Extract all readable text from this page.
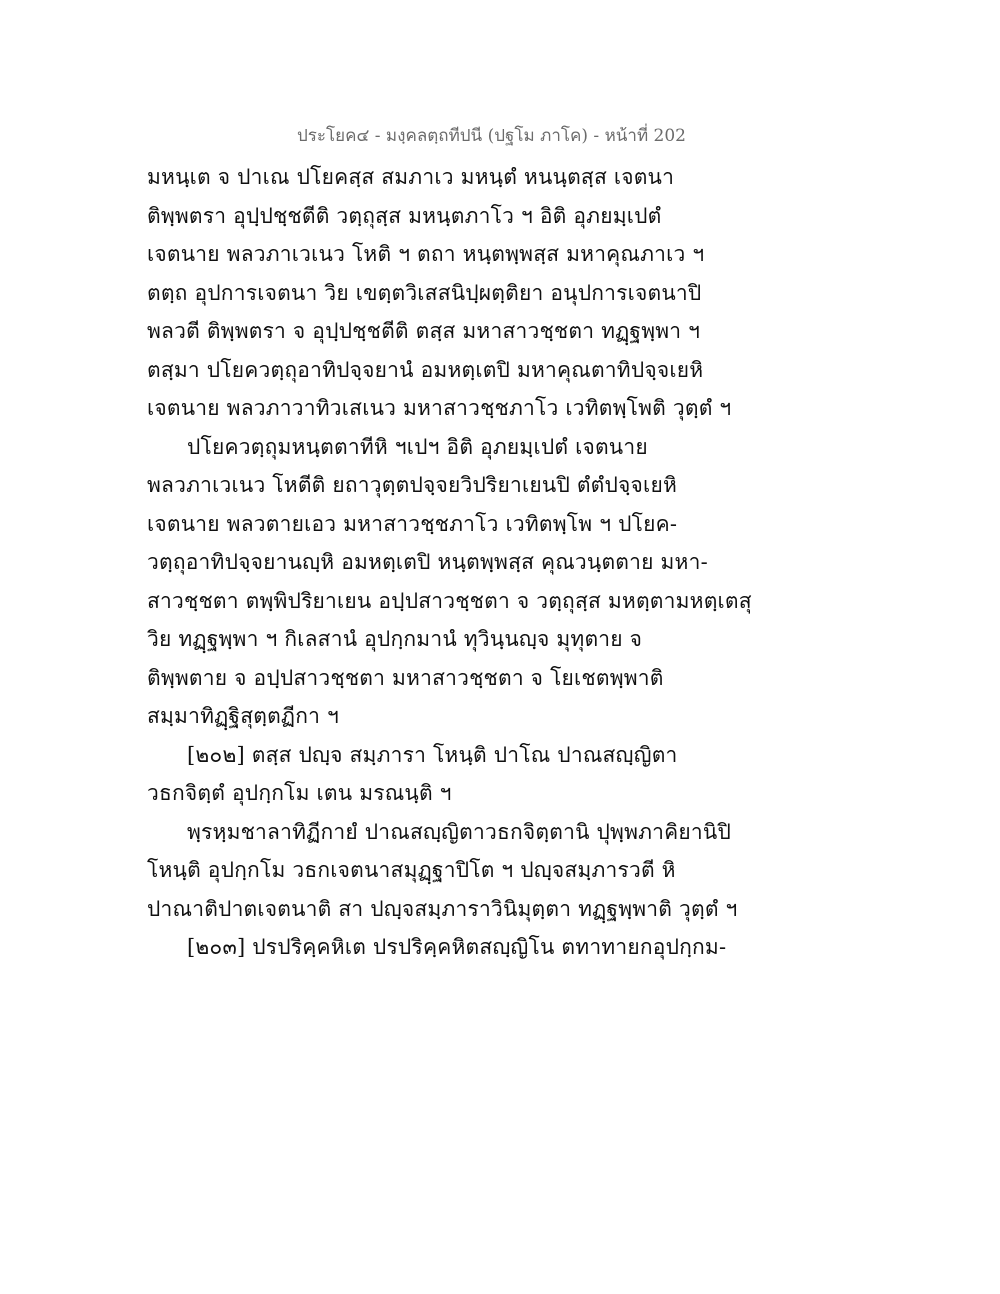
ประโยค๔ - มงฺคลตฺถทีปนี (ปฐโม ภาโค) - หน้าที่ 202
มหนฺเต จ ปาเณ ปโยคสฺส สมภาเว มหนฺตํ หนนฺตสฺส เจตนา
ติพฺพตรา อุปฺปชฺชตีติ วตฺถุสฺส มหนฺตภาโว ฯ อิติ อุภยมฺเปตํ
เจตนาย พลวภาเวเนว โหติ ฯ ตถา หนฺตพฺพสฺส มหาคุณภาเว ฯ
ตตฺถ อุปการเจตนา วิย เขตฺตวิเสสนิปฺผตฺติยา อนุปการเจตนาปิ
พลวตี ติพฺพตรา จ อุปฺปชฺชตีติ ตสฺส มหาสาวชฺชตา ทฏฺฐพฺพา ฯ
ตสฺมา ปโยควตฺถุอาทิปจฺจยานํ อมหตฺเตปิ มหาคุณตาทิปจฺจเยหิ
เจตนาย พลวภาวาทิวเสเนว มหาสาวชฺชภาโว เวทิตพฺโพติ วุตฺตํ ฯ
ปโยควตฺถุมหนฺตตาทีหิ ฯเปฯ อิติ อุภยมฺเปตํ เจตนาย
พลวภาเวเนว โหตีติ ยถาวุตฺตปจฺจยวิปริยาเยนปิ ตํตํปจฺจเยหิ
เจตนาย พลวตายเอว มหาสาวชฺชภาโว เวทิตพฺโพ ฯ ปโยค-
วตฺถุอาทิปจฺจยานญฺหิ อมหตฺเตปิ หนฺตพฺพสฺส คุณวนฺตตาย มหา-
สาวชฺชตา ตพฺพิปริยาเยน อปฺปสาวชฺชตา จ วตฺถุสฺส มหตฺตามหตฺเตสุ
วิย ทฏฺฐพฺพา ฯ กิเลสานํ อุปกฺกมานํ ทุวินฺนญฺจ มุทุตาย จ
ติพฺพตาย จ อปฺปสาวชฺชตา มหาสาวชฺชตา จ โยเชตพฺพาติ
สมฺมาทิฏฺฐิสุตฺตฏีกา ฯ
[๒๐๒] ตสฺส ปญฺจ สมฺภารา โหนฺติ ปาโณ ปาณสญฺญิตา
วธกจิตฺตํ อุปกฺกโม เตน มรณนฺติ ฯ
พฺรหฺมชาลาทิฏีกายํ ปาณสญฺญิตาวธกจิตฺตานิ ปุพฺพภาคิยานิปิ
โหนฺติ อุปกฺกโม วธกเจตนาสมุฏฺฐาปิโต ฯ ปญฺจสมฺภารวตี หิ
ปาณาติปาตเจตนาติ สา ปญฺจสมฺภาราวินิมุตฺตา ทฏฺฐพฺพาติ วุตฺตํ ฯ
[๒๐๓] ปรปริคฺคหิเต ปรปริคฺคหิตสญฺญิโน ตทาทายกอุปกฺกม-
